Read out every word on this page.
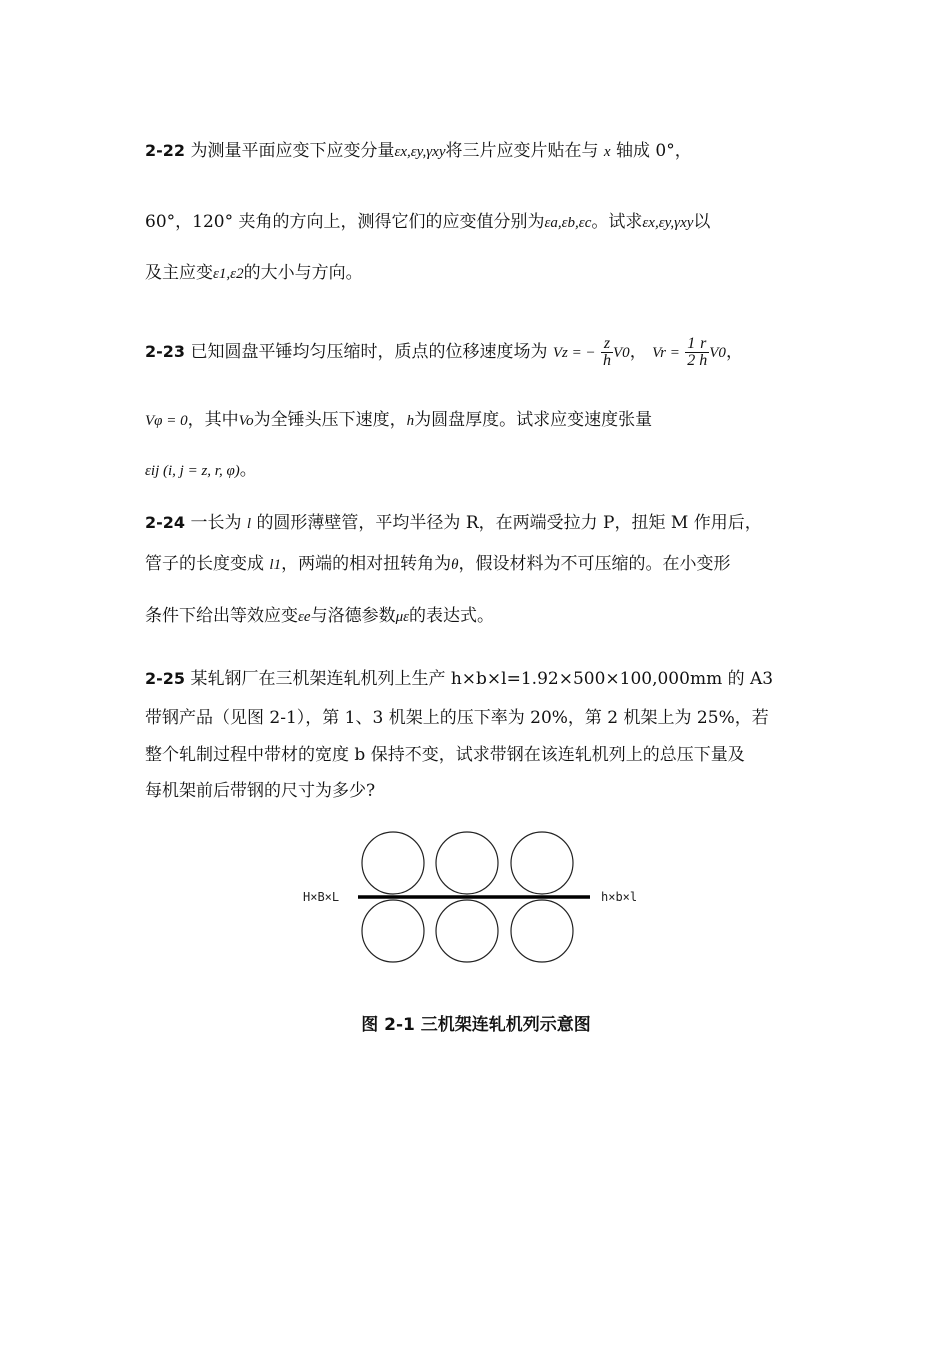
2-22 为测量平面应变下应变分量εx,εy,γxy将三片应变片贴在与 x 轴成 0°，
60°，120° 夹角的方向上，测得它们的应变值分别为εa,εb,εc。试求εx,εy,γxy以
及主应变ε1,ε2的大小与方向。
2-23 已知圆盘平锤均匀压缩时，质点的位移速度场为 Vz = − $\frac{z}{h} V0$， $Vr = \frac{1}{2} \frac{r}{h} V0$，
Vφ = 0，其中Vo为全锤头压下速度，h为圆盘厚度。试求应变速度张量
εij (i, j = z, r, φ)。
2-24 一长为 l 的圆形薄壁管，平均半径为 R，在两端受拉力 P，扭矩 M 作用后，
管子的长度变成 l1，两端的相对扭转角为θ，假设材料为不可压缩的。在小变形
条件下给出等效应变εe与洛德参数με的表达式。
2-25 某轧钢厂在三机架连轧机列上生产 h×b×l=1.92×500×100,000mm 的 A3
带钢产品（见图 2-1），第 1、3 机架上的压下率为 20%，第 2 机架上为 25%，若
整个轧制过程中带材的宽度 b 保持不变，试求带钢在该连轧机列上的总压下量及
每机架前后带钢的尺寸为多少?
H×B×L	h×b×l
图 2-1 三机架连轧机列示意图
